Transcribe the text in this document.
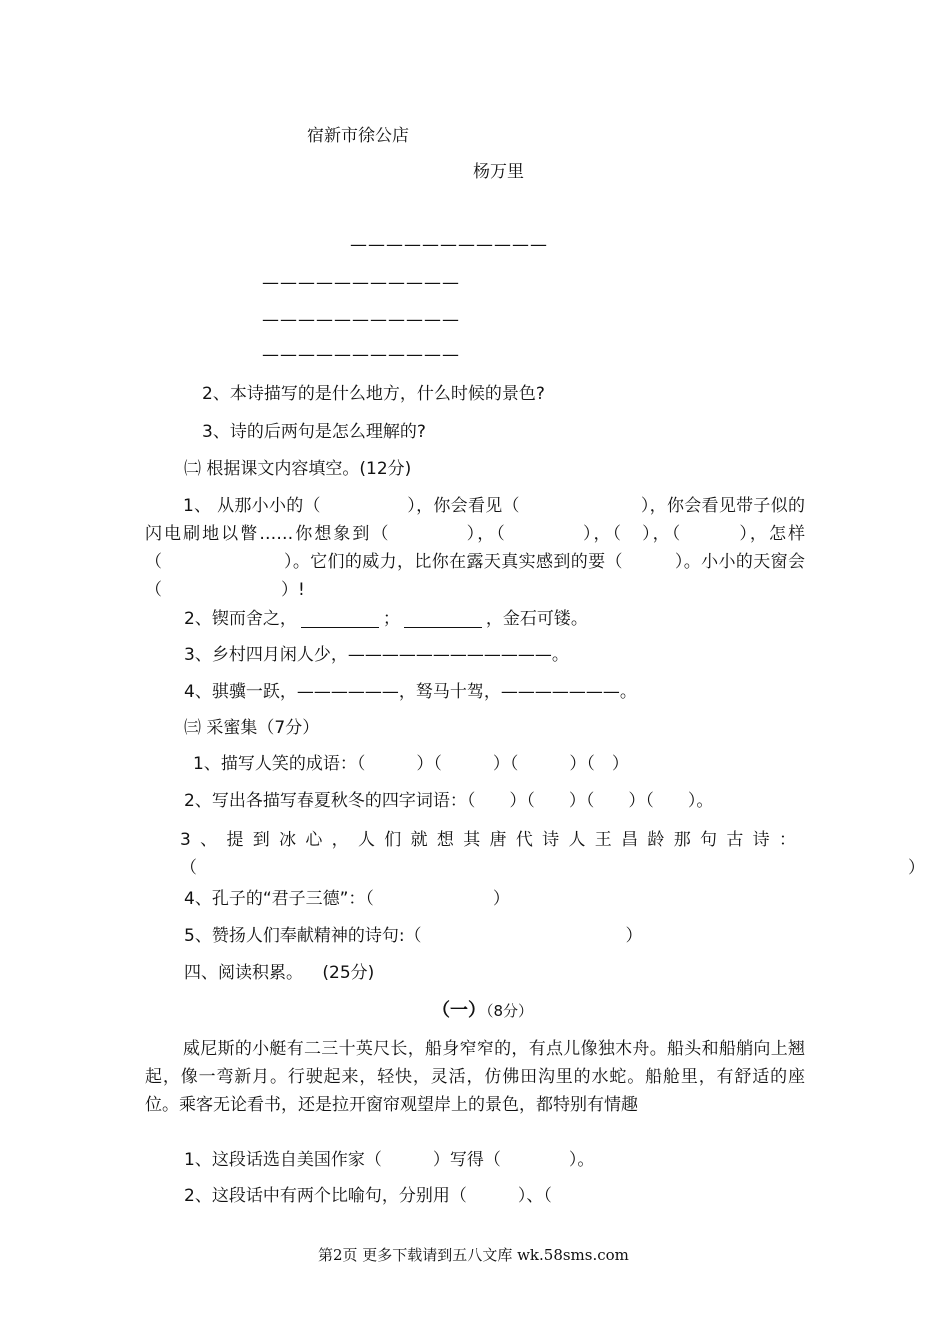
宿新市徐公店
杨万里
———————————
———————————
———————————
———————————
2、本诗描写的是什么地方，什么时候的景色?
3、诗的后两句是怎么理解的?
㈡ 根据课文内容填空。(12分)
1、 从那小小的（　　　　　），你会看见（　　　　　　　），你会看见带子似的闪电刷地以瞥……你想象到（　　　　），（　　　　），（　），（　　　），怎样（　　　　　　　）。它们的威力，比你在露天真实感到的要（　　　）。小小的天窗会（　　　　　　　）!
2、锲而舍之，	；	，金石可镂。
3、乡村四月闲人少，————————————。
4、骐骥一跃，——————，驽马十驾，———————。
㈢ 采蜜集（7分）
1、描写人笑的成语：（　　　）（　　　）（　　　）（　）
2、写出各描写春夏秋冬的四字词语：（　　）（　　）（　　）（　　）。
3、提到冰心，人们就想其唐代诗人王昌龄那句古诗：（　　　　　　　　　　　　　　　　　　　　　　　　　　　）
4、孔子的“君子三德”：（　　　　　　　）
5、赞扬人们奉献精神的诗句:（　　　　　　　　　　　　）
四、阅读积累。 (25分)
（一）（8分）
威尼斯的小艇有二三十英尺长，船身窄窄的，有点儿像独木舟。船头和船艄向上翘起，像一弯新月。行驶起来，轻快，灵活，仿佛田沟里的水蛇。船舱里，有舒适的座位。乘客无论看书，还是拉开窗帘观望岸上的景色，都特别有情趣
1、这段话选自美国作家（　　　）写得（　　　　）。
2、这段话中有两个比喻句，分别用（　　　）、（
第2页 更多下载请到五八文库 wk.58sms.com
